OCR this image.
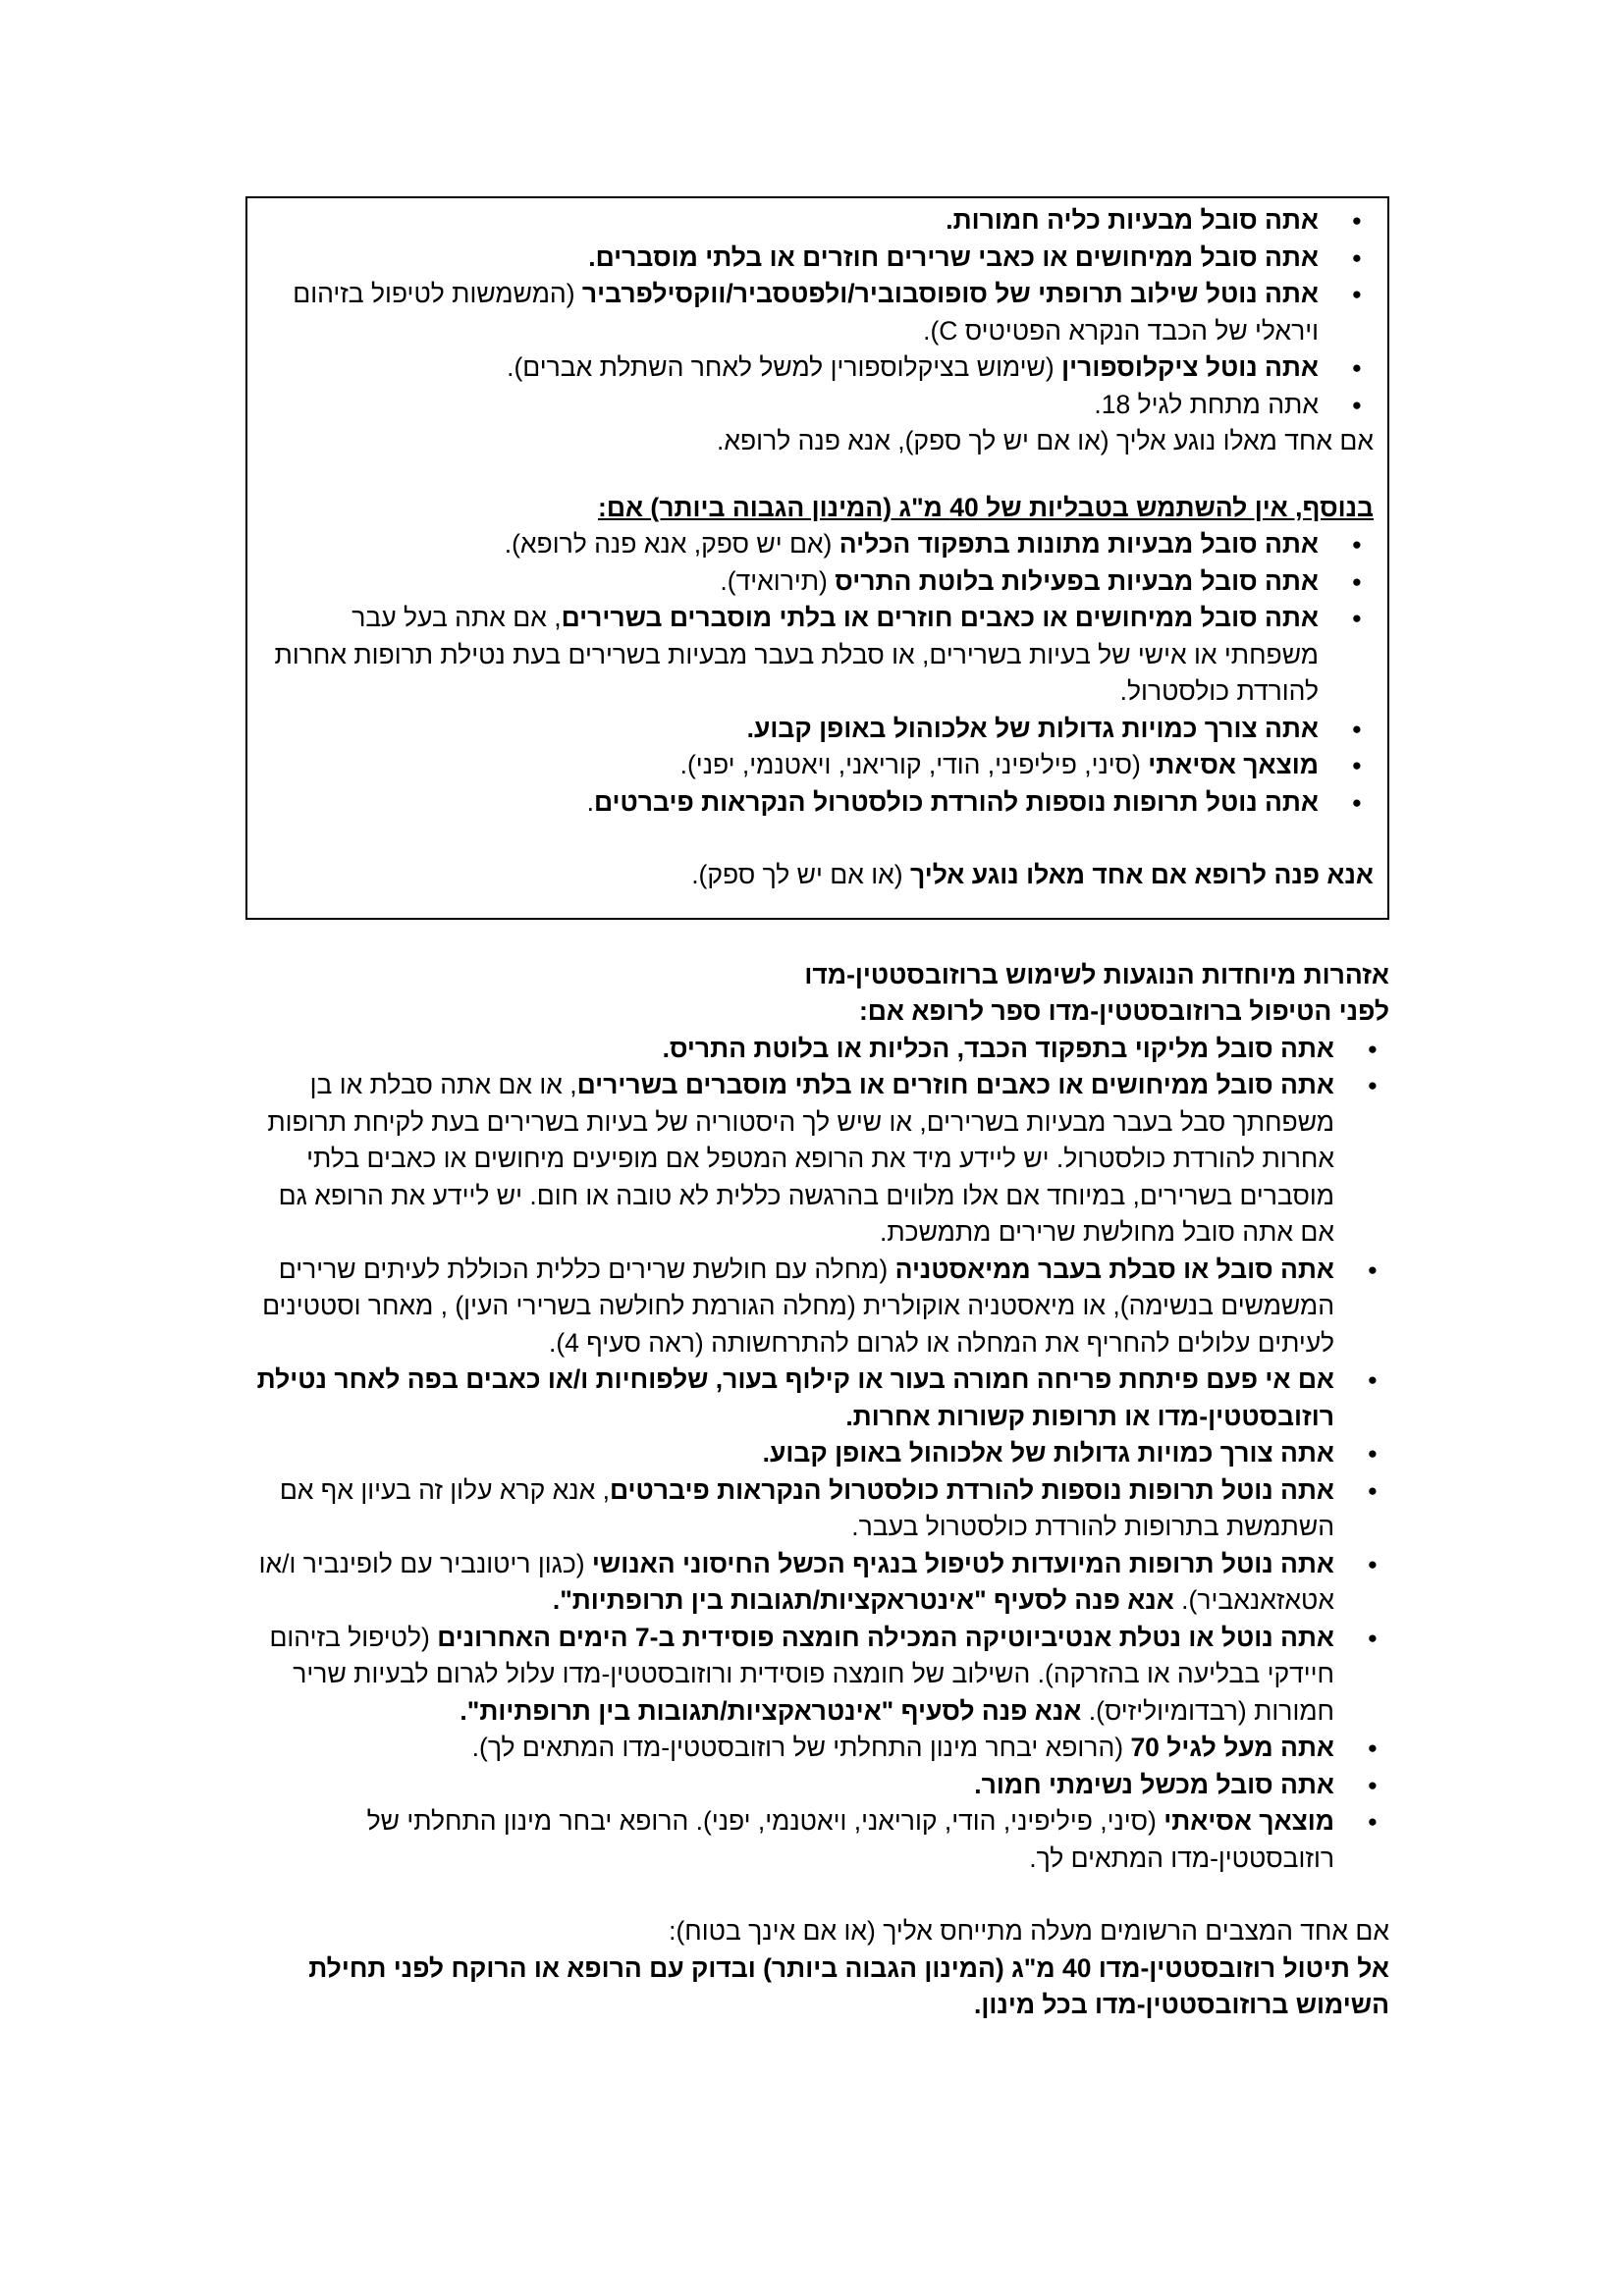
● אתה סובל מבעיות כליה חמורות.
● אתה סובל ממיחושים או כאבי שרירים חוזרים או בלתי מוסברים.
● אתה נוטל שילוב תרופתי של סופוסבוביר/ולפטסביר/ווקסילפרביר (המשמשות לטיפול בזיהום ויראלי של הכבד הנקרא הפטיטיס C).
● אתה נוטל ציקלוספורין (שימוש בציקלוספורין למשל לאחר השתלת אברים).
● אתה מתחת לגיל 18.

אם אחד מאלו נוגע אליך (או אם יש לך ספק), אנא פנה לרופא.

בנוסף, אין להשתמש בטבליות של 40 מ"ג (המינון הגבוה ביותר) אם:

● אתה סובל מבעיות מתונות בתפקוד הכליה (אם יש ספק, אנא פנה לרופא).
● אתה סובל מבעיות בפעילות בלוטת התריס (תירואיד).
● אתה סובל ממיחושים או כאבים חוזרים או בלתי מוסברים בשרירים, אם אתה בעל עבר משפחתי או אישי של בעיות בשרירים, או סבלת בעבר מבעיות בשרירים בעת נטילת תרופות אחרות להורדת כולסטרול.
● אתה צורך כמויות גדולות של אלכוהול באופן קבוע.
● מוצאך אסיאתי (סיני, פיליפיני, הודי, קוריאני, ויאטנמי, יפני).
● אתה נוטל תרופות נוספות להורדת כולסטרול הנקראות פיברטים.

אנא פנה לרופא אם אחד מאלו נוגע אליך (או אם יש לך ספק).

אזהרות מיוחדות הנוגעות לשימוש ברוזובסטטין-מדו

לפני הטיפול ברוזובסטטין-מדו ספר לרופא אם:

● אתה סובל מליקוי בתפקוד הכבד, הכליות או בלוטת התריס.
● אתה סובל ממיחושים או כאבים חוזרים או בלתי מוסברים בשרירים, או אם אתה סבלת או בן משפחתך סבל בעבר מבעיות בשרירים, או שיש לך היסטוריה של בעיות בשרירים בעת לקיחת תרופות אחרות להורדת כולסטרול. יש ליידע מיד את הרופא המטפל אם מופיעים מיחושים או כאבים בלתי מוסברים בשרירים, במיוחד אם אלו מלווים בהרגשה כללית לא טובה או חום. יש ליידע את הרופא גם אם אתה סובל מחולשת שרירים מתמשכת.
● אתה סובל או סבלת בעבר ממיאסטניה (מחלה עם חולשת שרירים כללית הכוללת לעיתים שרירים המשמשים בנשימה), או מיאסטניה אוקולרית (מחלה הגורמת לחולשה בשרירי העין) , מאחר וסטטינים לעיתים עלולים להחריף את המחלה או לגרום להתרחשותה (ראה סעיף 4).
● אם אי פעם פיתחת פריחה חמורה בעור או קילוף בעור, שלפוחיות ו/או כאבים בפה לאחר נטילת רוזובסטטין-מדו או תרופות קשורות אחרות.
● אתה צורך כמויות גדולות של אלכוהול באופן קבוע.
● אתה נוטל תרופות נוספות להורדת כולסטרול הנקראות פיברטים, אנא קרא עלון זה בעיון אף אם השתמשת בתרופות להורדת כולסטרול בעבר.
● אתה נוטל תרופות המיועדות לטיפול בנגיף הכשל החיסוני האנושי (כגון ריטונביר עם לופינביר ו/או אטאזאנאביר). אנא פנה לסעיף "אינטראקציות/תגובות בין תרופתיות".
● אתה נוטל או נטלת אנטיביוטיקה המכילה חומצה פוסידית ב-7 הימים האחרונים (לטיפול בזיהום חיידקי בבליעה או בהזרקה). השילוב של חומצה פוסידית ורוזובסטטין-מדו עלול לגרום לבעיות שריר חמורות (רבדומיוליזיס). אנא פנה לסעיף "אינטראקציות/תגובות בין תרופתיות".
● אתה מעל לגיל 70 (הרופא יבחר מינון התחלתי של רוזובסטטין-מדו המתאים לך).
● אתה סובל מכשל נשימתי חמור.
● מוצאך אסיאתי (סיני, פיליפיני, הודי, קוריאני, ויאטנמי, יפני). הרופא יבחר מינון התחלתי של רוזובסטטין-מדו המתאים לך.

אם אחד המצבים הרשומים מעלה מתייחס אליך (או אם אינך בטוח):

אל תיטול רוזובסטטין-מדו 40 מ"ג (המינון הגבוה ביותר) ובדוק עם הרופא או הרוקח לפני תחילת השימוש ברוזובסטטין-מדו בכל מינון.
